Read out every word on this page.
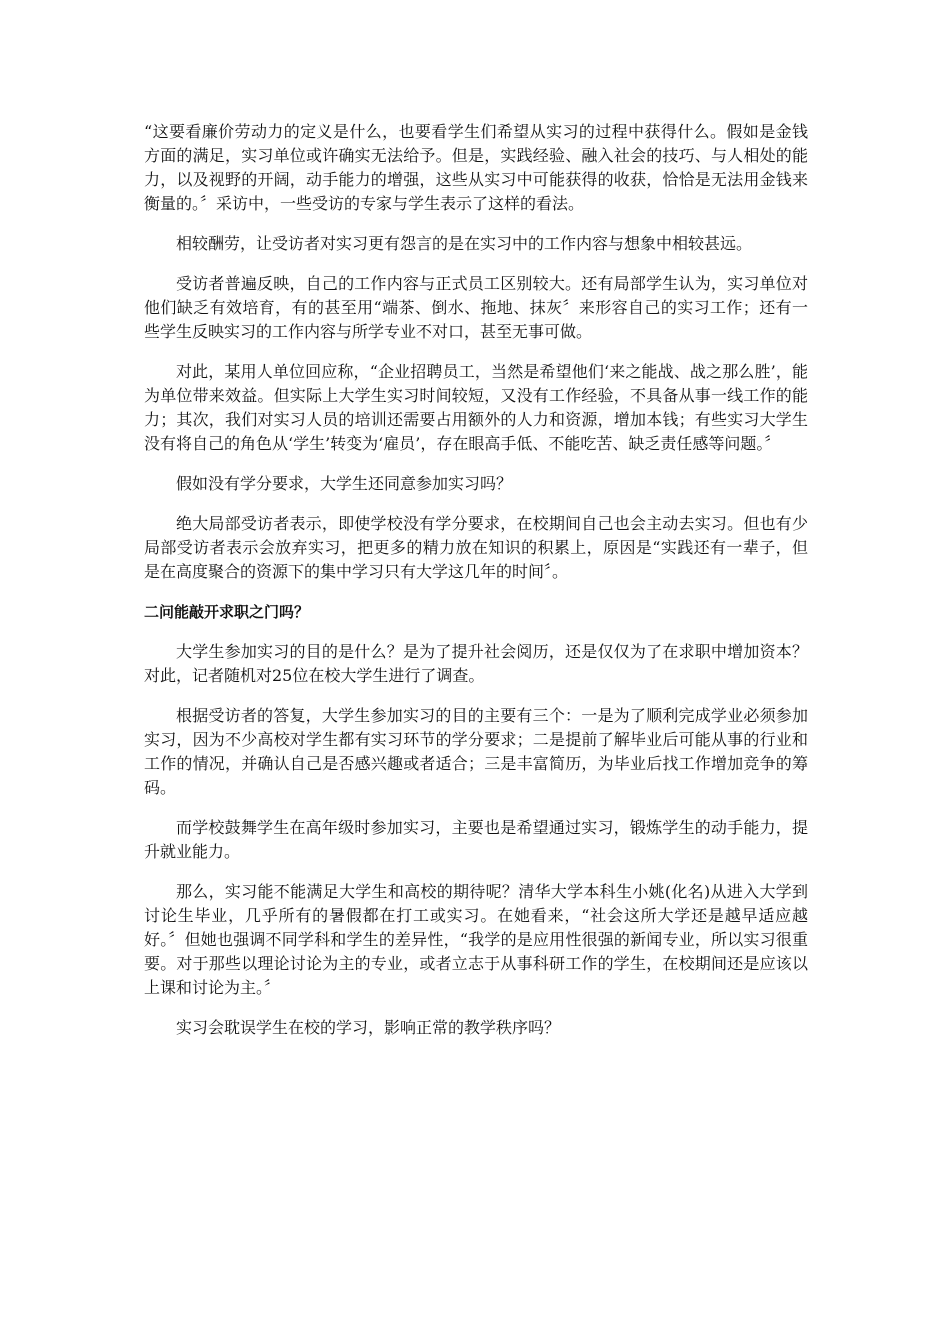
“这要看廉价劳动力的定义是什么，也要看学生们希望从实习的过程中获得什么。假如是金钱方面的满足，实习单位或许确实无法给予。但是，实践经验、融入社会的技巧、与人相处的能力，以及视野的开阔，动手能力的增强，这些从实习中可能获得的收获，恰恰是无法用金钱来衡量的。〞采访中，一些受访的专家与学生表示了这样的看法。

相较酬劳，让受访者对实习更有怨言的是在实习中的工作内容与想象中相较甚远。

受访者普遍反映，自己的工作内容与正式员工区别较大。还有局部学生认为，实习单位对他们缺乏有效培育，有的甚至用“端茶、倒水、拖地、抹灰〞来形容自己的实习工作；还有一些学生反映实习的工作内容与所学专业不对口，甚至无事可做。

对此，某用人单位回应称，“企业招聘员工，当然是希望他们‘来之能战、战之那么胜’，能为单位带来效益。但实际上大学生实习时间较短，又没有工作经验，不具备从事一线工作的能力；其次，我们对实习人员的培训还需要占用额外的人力和资源，增加本钱；有些实习大学生没有将自己的角色从‘学生’转变为‘雇员’，存在眼高手低、不能吃苦、缺乏责任感等问题。〞

假如没有学分要求，大学生还同意参加实习吗？

绝大局部受访者表示，即使学校没有学分要求，在校期间自己也会主动去实习。但也有少局部受访者表示会放弃实习，把更多的精力放在知识的积累上，原因是“实践还有一辈子，但是在高度聚合的资源下的集中学习只有大学这几年的时间〞。

二问能敲开求职之门吗？

大学生参加实习的目的是什么？是为了提升社会阅历，还是仅仅为了在求职中增加资本？对此，记者随机对25位在校大学生进行了调查。

根据受访者的答复，大学生参加实习的目的主要有三个：一是为了顺利完成学业必须参加实习，因为不少高校对学生都有实习环节的学分要求；二是提前了解毕业后可能从事的行业和工作的情况，并确认自己是否感兴趣或者适合；三是丰富简历，为毕业后找工作增加竞争的筹码。

而学校鼓舞学生在高年级时参加实习，主要也是希望通过实习，锻炼学生的动手能力，提升就业能力。

那么，实习能不能满足大学生和高校的期待呢？清华大学本科生小姚(化名)从进入大学到讨论生毕业，几乎所有的暑假都在打工或实习。在她看来，“社会这所大学还是越早适应越好。〞但她也强调不同学科和学生的差异性，“我学的是应用性很强的新闻专业，所以实习很重要。对于那些以理论讨论为主的专业，或者立志于从事科研工作的学生，在校期间还是应该以上课和讨论为主。〞

实习会耽误学生在校的学习，影响正常的教学秩序吗？
